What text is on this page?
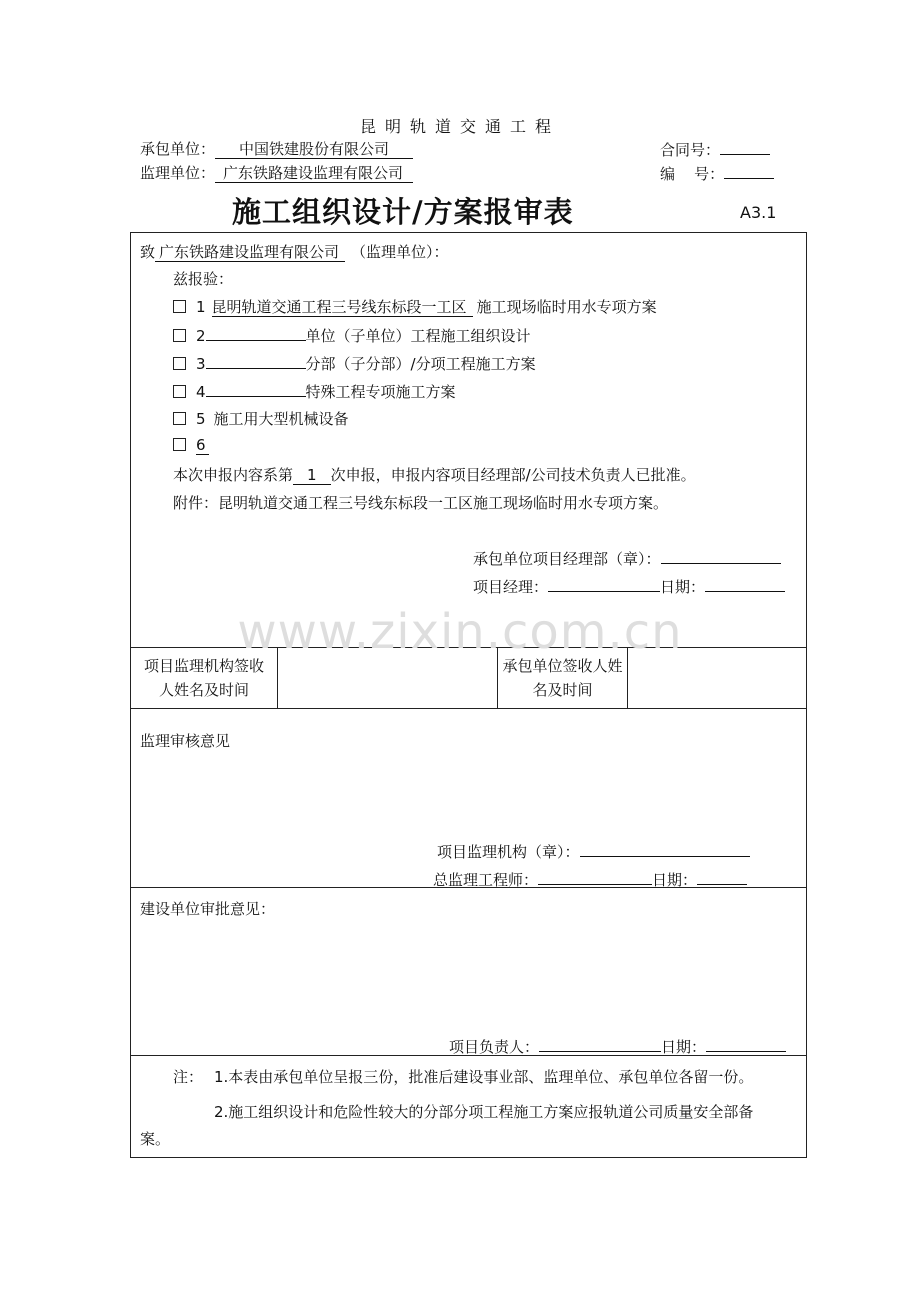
昆明轨道交通工程
承包单位： 中国铁建股份有限公司
监理单位： 广东铁路建设监理有限公司
合同号：
编    号：
施工组织设计/方案报审表	A3.1
致 广东铁路建设监理有限公司 （监理单位）：
兹报验：
1 昆明轨道交通工程三号线东标段一工区 施工现场临时用水专项方案
2	单位（子单位）工程施工组织设计
3	分部（子分部）/分项工程施工方案
4	特殊工程专项施工方案
5 施工用大型机械设备
6
本次申报内容系第 1 次申报，申报内容项目经理部/公司技术负责人已批准。
附件：昆明轨道交通工程三号线东标段一工区施工现场临时用水专项方案。
承包单位项目经理部（章）：
项目经理：	日期：
www.zixin.com.cn
项目监理机构签收人姓名及时间
承包单位签收人姓名及时间
监理审核意见
项目监理机构（章）：
总监理工程师：	日期：
建设单位审批意见：
项目负责人：	日期：
注： 1.本表由承包单位呈报三份，批准后建设事业部、监理单位、承包单位各留一份。
2.施工组织设计和危险性较大的分部分项工程施工方案应报轨道公司质量安全部备
案。
